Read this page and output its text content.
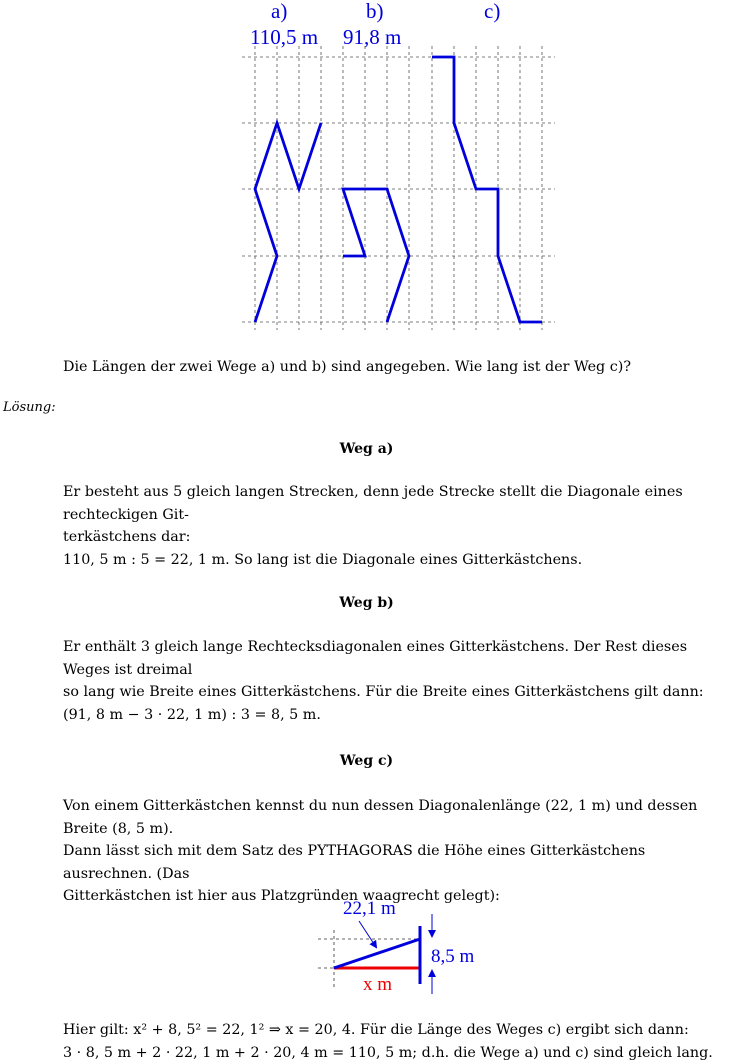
a)	b)	c)
110,5 m 91,8 m
Die Längen der zwei Wege a) und b) sind angegeben. Wie lang ist der Weg c)?
Lösung:
Weg a)
Er besteht aus 5 gleich langen Strecken, denn jede Strecke stellt die Diagonale eines rechteckigen Git-
terkästchens dar:
110, 5 m : 5 = 22, 1 m. So lang ist die Diagonale eines Gitterkästchens.
Weg b)
Er enthält 3 gleich lange Rechtecksdiagonalen eines Gitterkästchens. Der Rest dieses Weges ist dreimal
so lang wie Breite eines Gitterkästchens. Für die Breite eines Gitterkästchens gilt dann:
(91, 8 m − 3 · 22, 1 m) : 3 = 8, 5 m.
Weg c)
Von einem Gitterkästchen kennst du nun dessen Diagonalenlänge (22, 1 m) und dessen Breite (8, 5 m).
Dann lässt sich mit dem Satz des PYTHAGORAS die Höhe eines Gitterkästchens ausrechnen. (Das
Gitterkästchen ist hier aus Platzgründen waagrecht gelegt):
22,1 m
8,5 m
x m
Hier gilt: x² + 8, 5² = 22, 1² ⇒ x = 20, 4. Für die Länge des Weges c) ergibt sich dann:
3 · 8, 5 m + 2 · 22, 1 m + 2 · 20, 4 m = 110, 5 m; d.h. die Wege a) und c) sind gleich lang.
